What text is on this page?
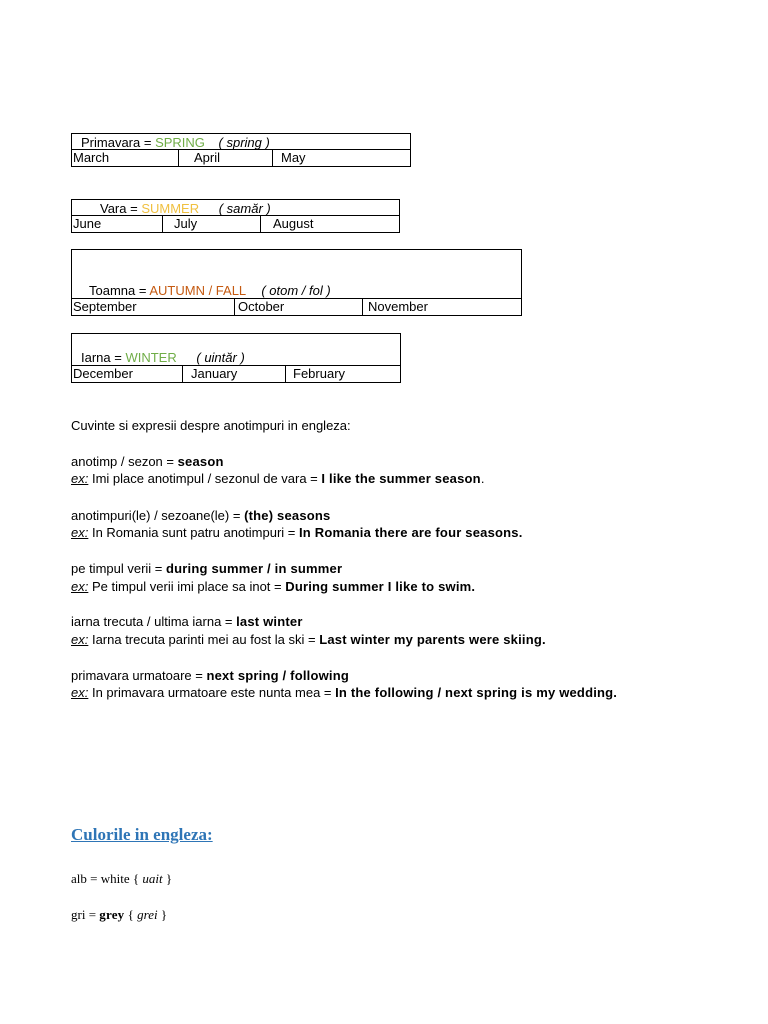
Primavara = SPRING ( spring )
March	April	May
Vara = SUMMER ( samăr )
June	July	August
Toamna = AUTUMN / FALL ( otom / fol )
September	October	November
Iarna = WINTER ( uintăr )
December	January	February
Cuvinte si expresii despre anotimpuri in engleza:
anotimp / sezon = season
ex: Imi place anotimpul / sezonul de vara = I like the summer season.
anotimpuri(le) / sezoane(le) = (the) seasons
ex: In Romania sunt patru anotimpuri = In Romania there are four seasons.
pe timpul verii = during summer / in summer
ex: Pe timpul verii imi place sa inot = During summer I like to swim.
iarna trecuta / ultima iarna = last winter
ex: Iarna trecuta parinti mei au fost la ski = Last winter my parents were skiing.
primavara urmatoare = next spring / following
ex: In primavara urmatoare este nunta mea = In the following / next spring is my wedding.
Culorile in engleza:
alb = white { uait }
gri = grey { grei }
